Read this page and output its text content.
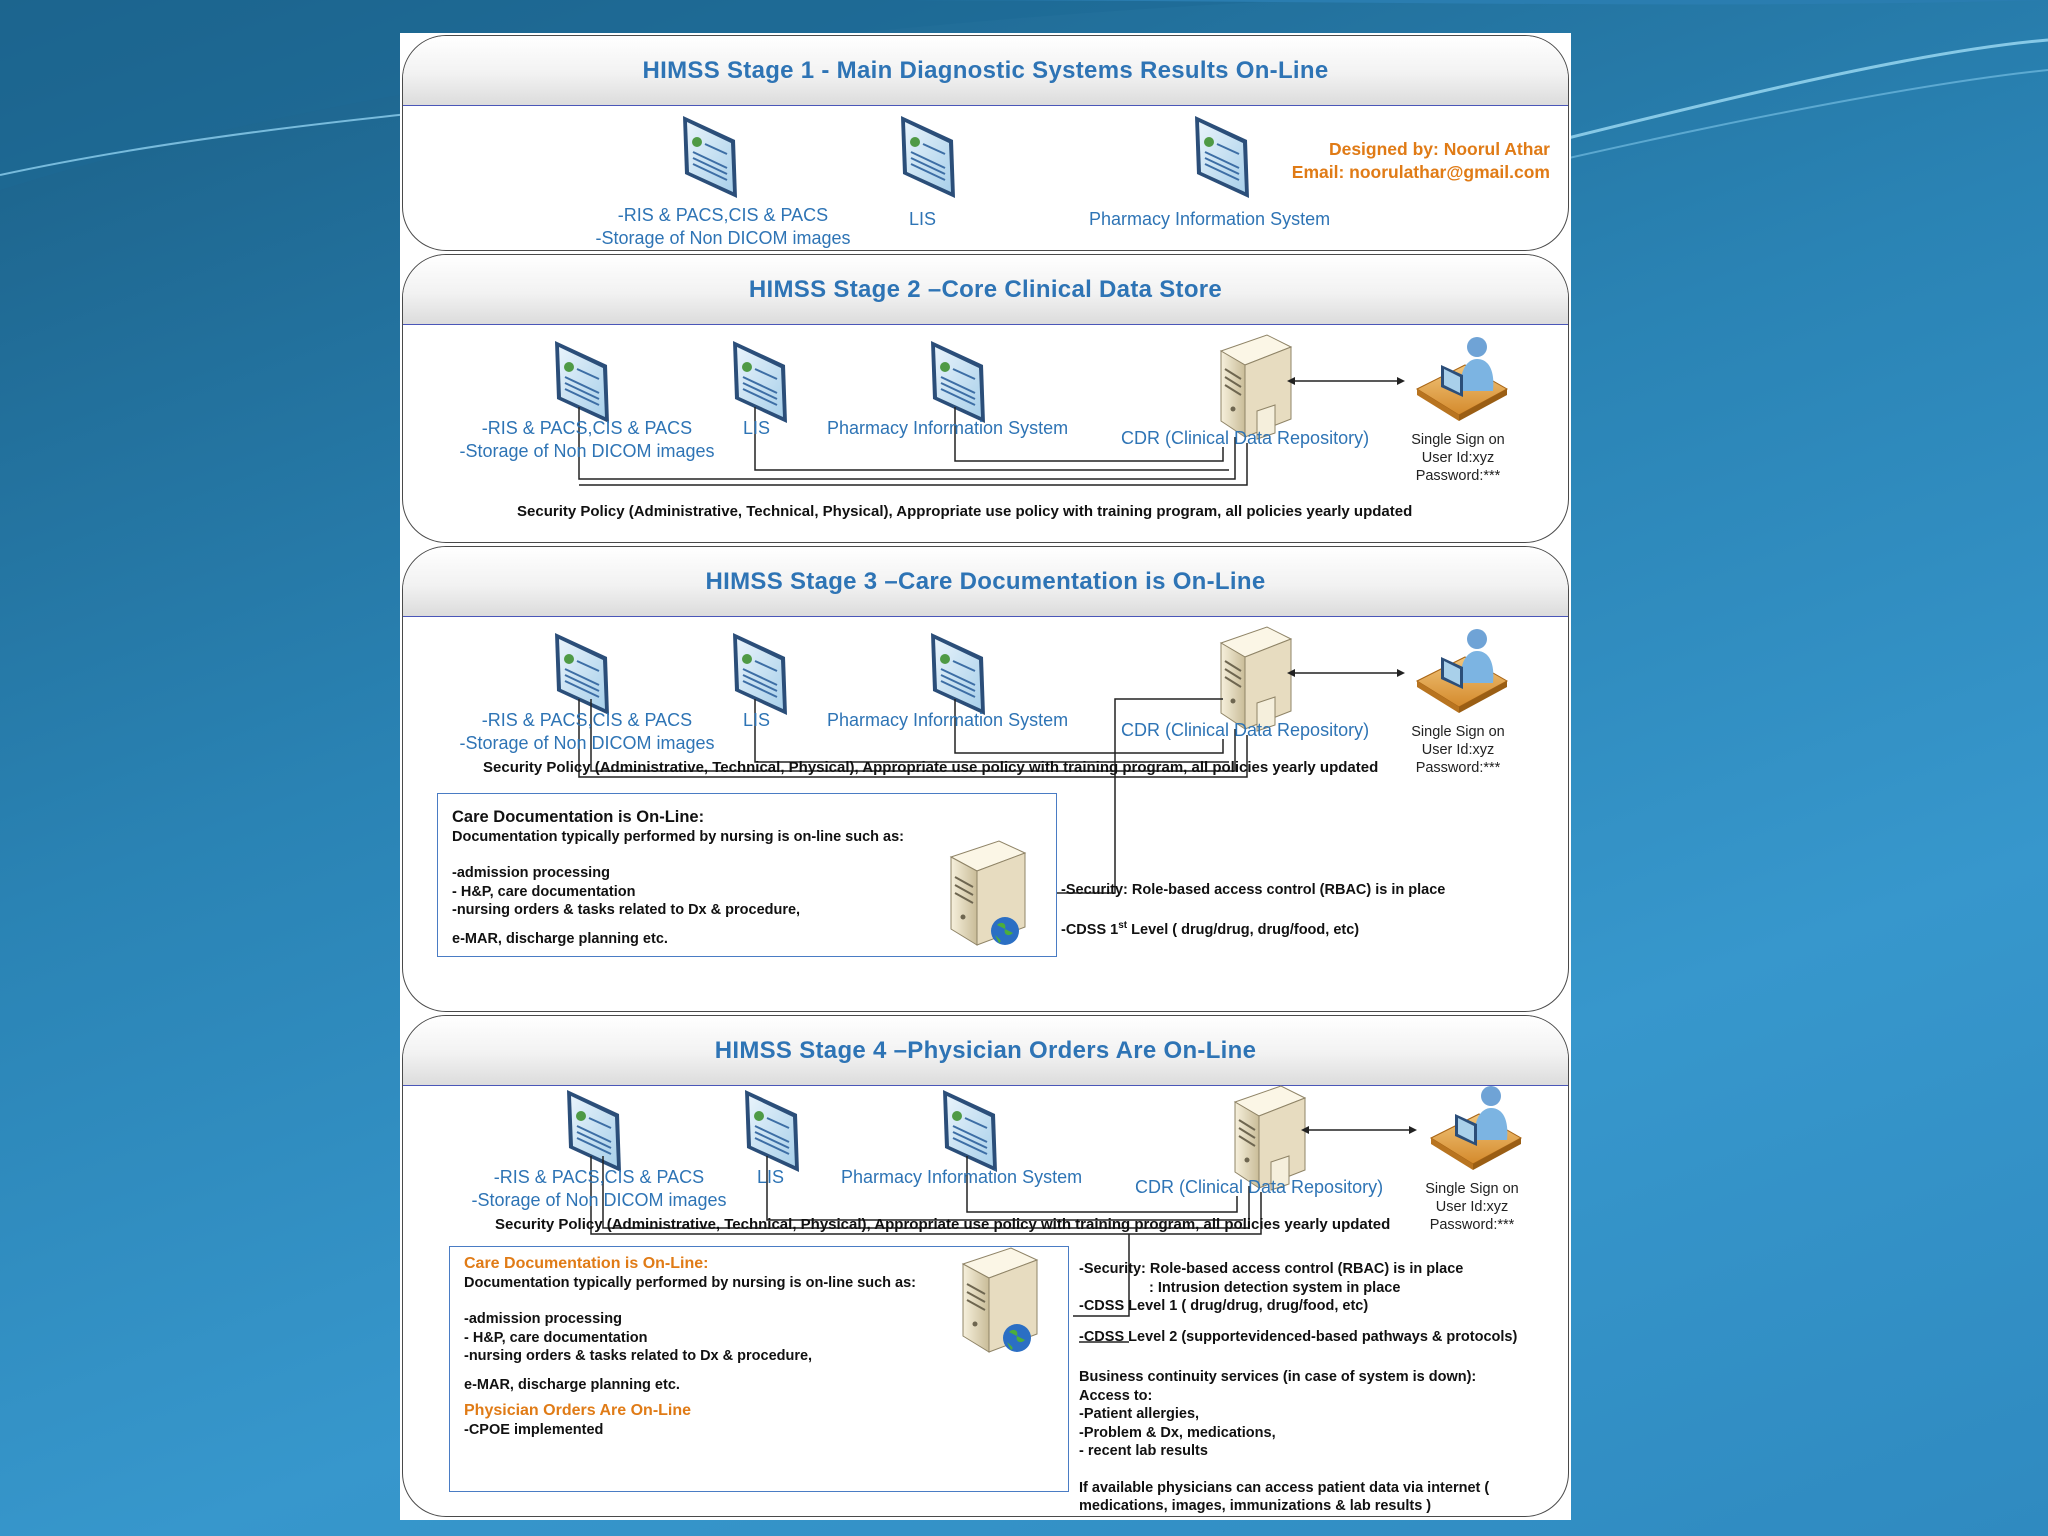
HIMSS Stage 1 - Main Diagnostic Systems Results On-Line
-RIS & PACS,CIS & PACS
-Storage of Non DICOM images
LIS	Pharmacy Information System
Designed by: Noorul Athar
Email: noorulathar@gmail.com
HIMSS Stage 2 –Core Clinical Data Store
-RIS & PACS,CIS & PACS
-Storage of Non DICOM images
LIS	Pharmacy Information System	CDR (Clinical Data Repository)	Single Sign on
User Id:xyz
Password:***
Security Policy (Administrative, Technical, Physical), Appropriate use policy with training program, all policies yearly updated
HIMSS Stage 3 –Care Documentation is On-Line
-RIS & PACS,CIS & PACS
-Storage of Non DICOM images
LIS	Pharmacy Information System	CDR (Clinical Data Repository)	Single Sign on
User Id:xyz
Password:***
Security Policy (Administrative, Technical, Physical), Appropriate use policy with training program, all policies yearly updated
Care Documentation is On-Line:
Documentation typically performed by nursing is on-line such as:
-admission processing
- H&P, care documentation
-nursing orders & tasks related to Dx & procedure,
e-MAR, discharge planning etc.
-Security: Role-based access control (RBAC) is in place
-CDSS 1st Level ( drug/drug, drug/food, etc)
HIMSS Stage 4 –Physician Orders Are On-Line
-RIS & PACS,CIS & PACS
-Storage of Non DICOM images
LIS	Pharmacy Information System	CDR (Clinical Data Repository)	Single Sign on
User Id:xyz
Password:***
Security Policy (Administrative, Technical, Physical), Appropriate use policy with training program, all policies yearly updated
Care Documentation is On-Line:
Documentation typically performed by nursing is on-line such as:
-admission processing
- H&P, care documentation
-nursing orders & tasks related to Dx & procedure,
e-MAR, discharge planning etc.
Physician Orders Are On-Line
-CPOE implemented
-Security: Role-based access control (RBAC) is in place
: Intrusion detection system in place
-CDSS Level 1 ( drug/drug, drug/food, etc)
-CDSS Level 2 (supportevidenced-based pathways & protocols)
Business continuity services (in case of system is down):
Access to:
-Patient allergies,
-Problem & Dx, medications,
- recent lab results
If available physicians can access patient data via internet (
medications, images, immunizations & lab results )
